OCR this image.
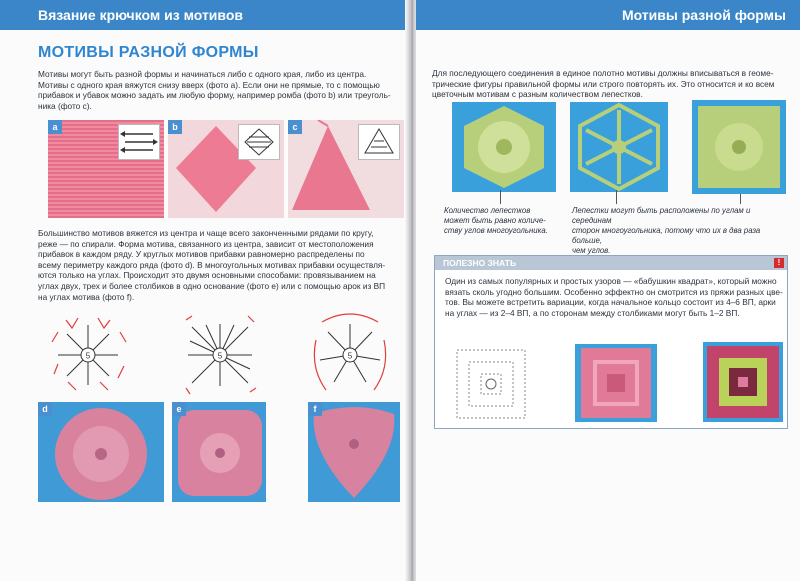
Вязание крючком из мотивов
МОТИВЫ РАЗНОЙ ФОРМЫ
Мотивы могут быть разной формы и начинаться либо с одного края, либо из центра.
Мотивы с одного края вяжутся снизу вверх (фото a). Если они не прямые, то с помощью
прибавок и убавок можно задать им любую форму, например ромба (фото b) или треуголь-
ника (фото c).
a	b	c
Большинство мотивов вяжется из центра и чаще всего законченными рядами по кругу,
реже — по спирали. Форма мотива, связанного из центра, зависит от местоположения
прибавок в каждом ряду. У круглых мотивов прибавки равномерно распределены по
всему периметру каждого ряда (фото d). В многоугольных мотивах прибавки осуществля-
ются только на углах. Происходит это двумя основными способами: провязыванием на
углах двух, трех и более столбиков в одно основание (фото e) или с помощью арок из ВП
на углах мотива (фото f).
5	5	5
d	e	f
Мотивы разной формы
Для последующего соединения в единое полотно мотивы должны вписываться в геоме-
трические фигуры правильной формы или строго повторять их. Это относится и ко всем
цветочным мотивам с разным количеством лепестков.
Количество лепестков
может быть равно количе-
ству углов многоугольника.
Лепестки могут быть расположены по углам и серединам
сторон многоугольника, потому что их в два раза больше,
чем углов.
ПОЛЕЗНО ЗНАТЬ	!
Один из самых популярных и простых узоров — «бабушкин квадрат», который можно
вязать сколь угодно большим. Особенно эффектно он смотрится из пряжи разных цве-
тов. Вы можете встретить вариации, когда начальное кольцо состоит из 4–6 ВП, арки
на углах — из 2–4 ВП, а по сторонам между столбиками могут быть 1–2 ВП.
